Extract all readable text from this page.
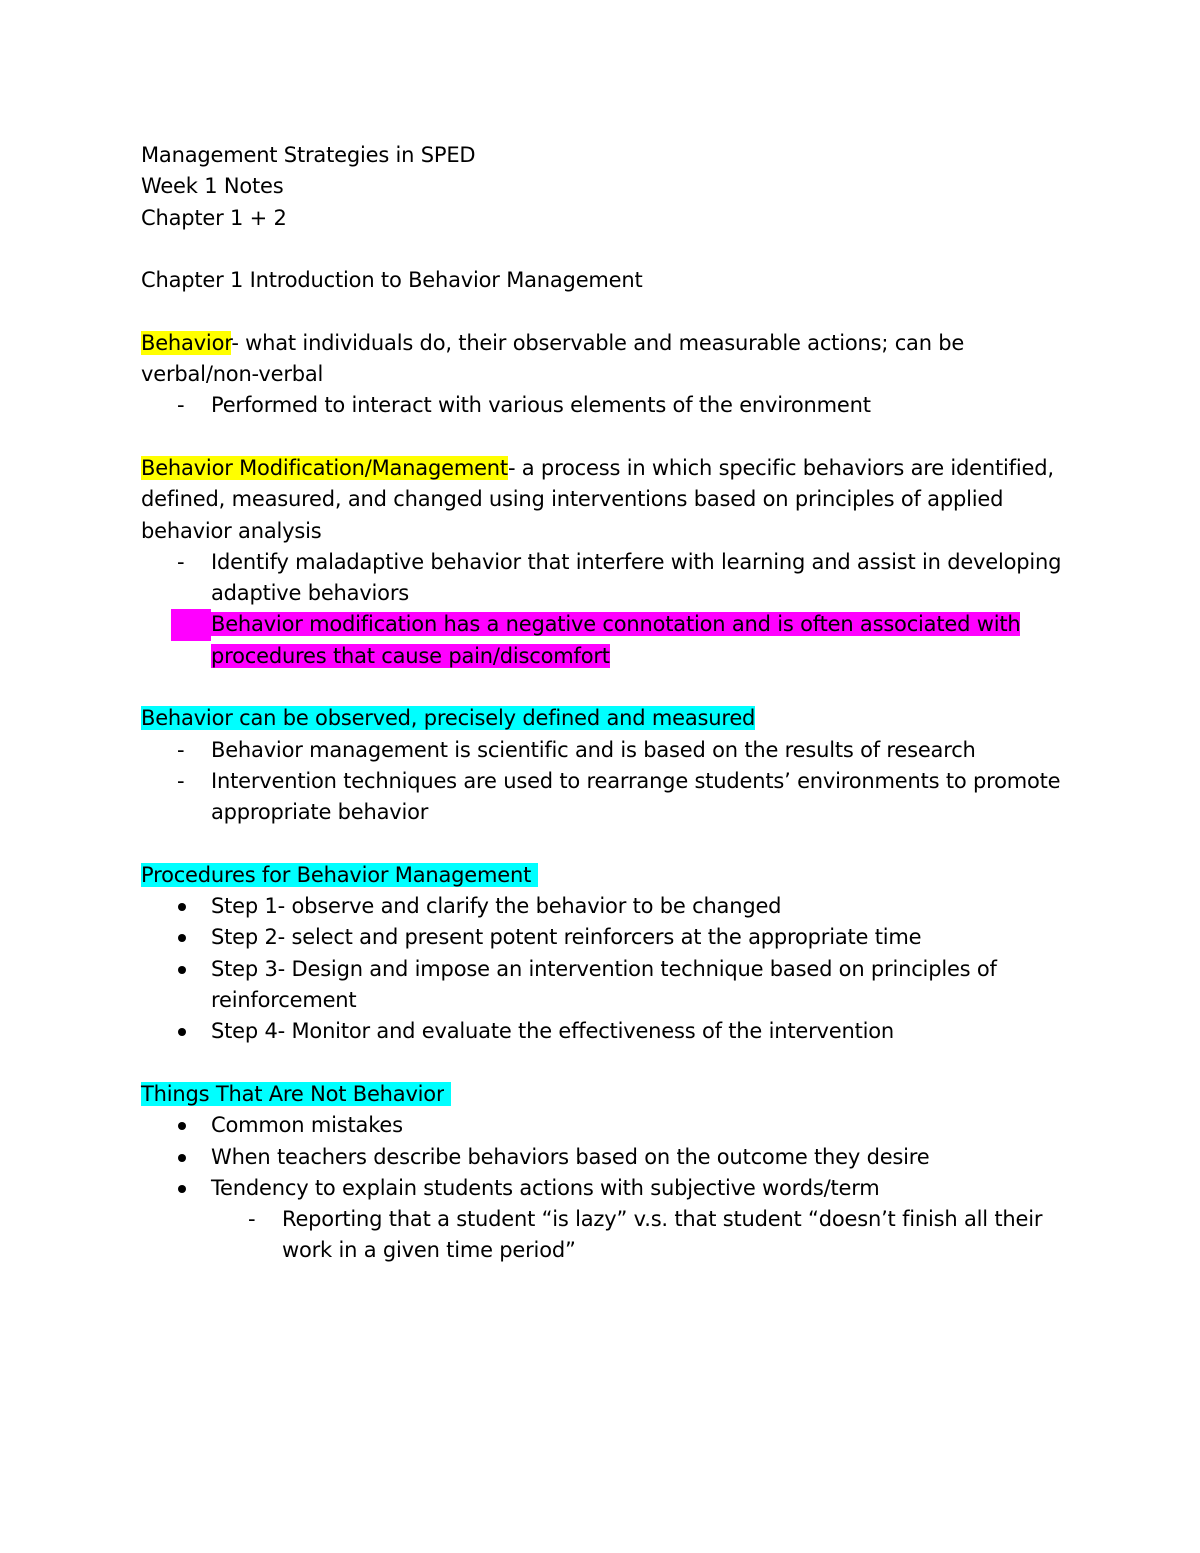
Management Strategies in SPED
Week 1 Notes
Chapter 1 + 2
Chapter 1 Introduction to Behavior Management
Behavior- what individuals do, their observable and measurable actions; can be verbal/non-verbal
- Performed to interact with various elements of the environment
Behavior Modification/Management- a process in which specific behaviors are identified, defined, measured, and changed using interventions based on principles of applied behavior analysis
- Identify maladaptive behavior that interfere with learning and assist in developing adaptive behaviors
- Behavior modification has a negative connotation and is often associated with procedures that cause pain/discomfort
Behavior can be observed, precisely defined and measured
- Behavior management is scientific and is based on the results of research
- Intervention techniques are used to rearrange students’ environments to promote appropriate behavior
Procedures for Behavior Management
Step 1- observe and clarify the behavior to be changed
Step 2- select and present potent reinforcers at the appropriate time
Step 3- Design and impose an intervention technique based on principles of reinforcement
Step 4- Monitor and evaluate the effectiveness of the intervention
Things That Are Not Behavior
Common mistakes
When teachers describe behaviors based on the outcome they desire
Tendency to explain students actions with subjective words/term
- Reporting that a student “is lazy” v.s. that student “doesn’t finish all their work in a given time period”
